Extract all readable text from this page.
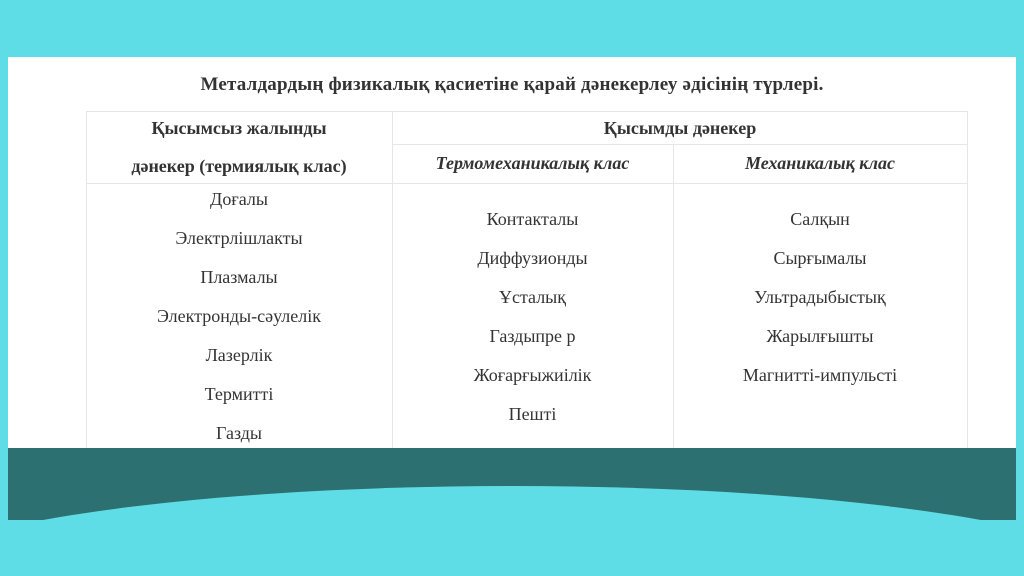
Металдардың физикалық қасиетіне қарай дәнекерлеу әдісінің түрлері.
Қысымсыз жалынды
дәнекер (термиялық клас)
Қысымды дәнекер
Термомеханикалық клас	Механикалық клас
Доғалы
Электрлішлакты
Плазмалы
Электронды-сәулелік
Лазерлік
Термитті
Газды
Контакталы
Диффузионды
Ұсталық
Газдыпре р
Жоғарғыжиілік
Пешті
Салқын
Сырғымалы
Ультрадыбыстық
Жарылғышты
Магнитті-импульсті
